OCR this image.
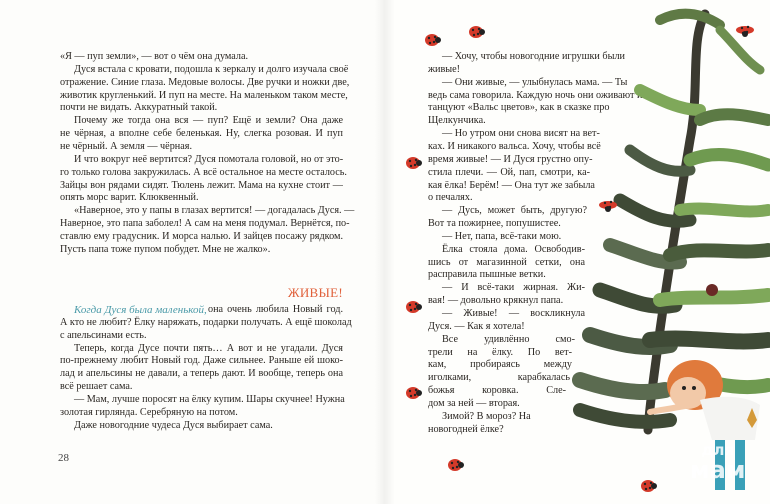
ЖИВЫЕ!
28
«Я — пуп земли», — вот о чём она думала.
Дуся встала с кровати, подошла к зеркалу и долго изучала своё
отражение. Синие глаза. Медовые волосы. Две ручки и ножки две,
животик кругленький. И пуп на месте. На маленьком таком месте,
почти не видать. Аккуратный такой.
Почему же тогда она вся — пуп? Ещё и земли? Она даже
не чёрная, а вполне себе беленькая. Ну, слегка розовая. И пуп
не чёрный. А земля — чёрная.
И что вокруг неё вертится? Дуся помотала головой, но от это-
го только голова закружилась. А всё остальное на месте осталось.
Зайцы вон рядами сидят. Тюлень лежит. Мама на кухне стоит —
опять морс варит. Клюквенный.
«Наверное, это у папы в глазах вертится! — догадалась Дуся. —
Наверное, это папа заболел! А сам на меня подумал. Вернётся, по-
ставлю ему градусник. И морса налью. И зайцев посажу рядком.
Пусть папа тоже пупом побудет. Мне не жалко».
Когда Дуся была маленькой, она очень любила Новый год.
А кто не любит? Ёлку наряжать, подарки получать. А ещё шоколад
с апельсинами есть.
Теперь, когда Дусе почти пять… А вот и не угадали. Дуся
по-прежнему любит Новый год. Даже сильнее. Раньше ей шоко-
лад и апельсины не давали, а теперь дают. И вообще, теперь она
всё решает сама.
— Мам, лучше поросят на ёлку купим. Шары скучнее! Нужна
золотая гирлянда. Серебряную на потом.
Даже новогодние чудеса Дуся выбирает сама.
— Хочу, чтобы новогодние игрушки были
живые!
— Они живые, — улыбнулась мама. — Ты
ведь сама говорила. Каждую ночь они оживают и
танцуют «Вальс цветов», как в сказке про
Щелкунчика.
— Но утром они снова висят на вет-
ках. И никакого вальса. Хочу, чтобы всё
время живые! — И Дуся грустно опу-
стила плечи. — Ой, пап, смотри, ка-
кая ёлка! Берём! — Она тут же забыла
о печалях.
— Дусь, может быть, другую?
Вот та пожирнее, попушистее.
— Нет, папа, всё-таки мою.
Ёлка стояла дома. Освободив-
шись от магазинной сетки, она
расправила пышные ветки.
— И всё-таки жирная. Жи-
вая! — довольно крякнул папа.
— Живые! — воскликнула
Дуся. — Как я хотела!
Все удивлённо смо-
трели на ёлку. По вет-
кам, пробираясь между
иголками, карабкалась
божья коровка. Сле-
дом за ней — вторая.
Зимой? В мороз? На
новогодней ёлке?
для
мам
